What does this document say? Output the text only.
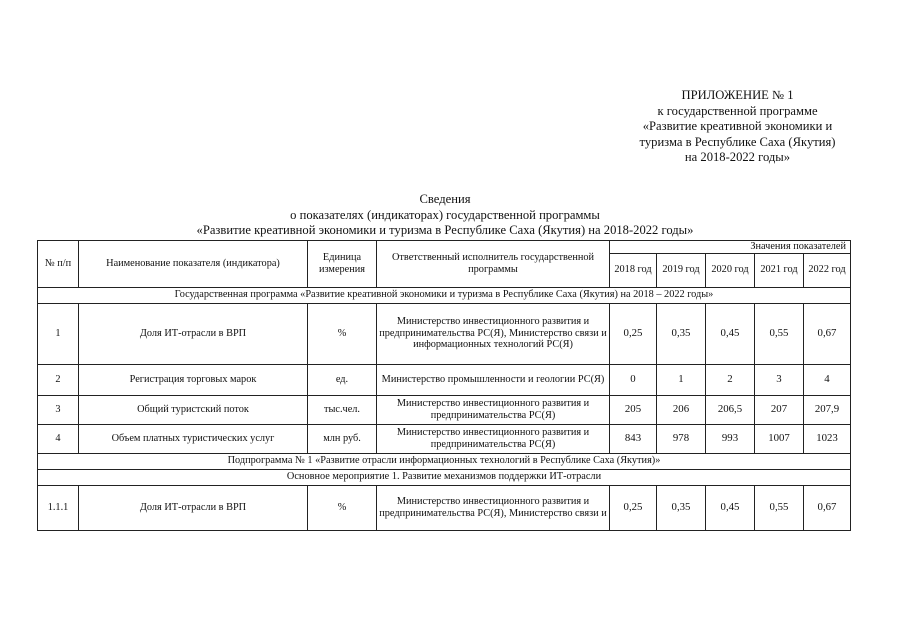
ПРИЛОЖЕНИЕ № 1
к государственной программе
«Развитие креативной экономики и
туризма в Республике Саха (Якутия)
на 2018-2022 годы»
Сведения
о показателях (индикаторах) государственной программы
«Развитие креативной экономики и туризма в Республике Саха (Якутия) на 2018-2022 годы»
№ п/п	Наименование показателя (индикатора)	Единица измерения	Ответственный исполнитель государственной программы	Значения показателей				
				2018 год	2019 год	2020 год	2021 год	2022 год
Государственная программа «Развитие креативной экономики и туризма в Республике Саха (Якутия) на 2018 – 2022 годы»								
1	Доля ИТ-отрасли в ВРП	%	Министерство инвестиционного развития и предпринимательства РС(Я), Министерство связи и информационных технологий РС(Я)	0,25	0,35	0,45	0,55	0,67
2	Регистрация торговых марок	ед.	Министерство промышленности и геологии РС(Я)	0	1	2	3	4
3	Общий туристский поток	тыс.чел.	Министерство инвестиционного развития и предпринимательства РС(Я)	205	206	206,5	207	207,9
4	Объем платных туристических услуг	млн руб.	Министерство инвестиционного развития и предпринимательства РС(Я)	843	978	993	1007	1023
Подпрограмма № 1 «Развитие отрасли информационных технологий в Республике Саха (Якутия)»								
Основное мероприятие 1. Развитие механизмов поддержки ИТ-отрасли								
1.1.1	Доля ИТ-отрасли в ВРП	%	Министерство инвестиционного развития и предпринимательства РС(Я), Министерство связи и	0,25	0,35	0,45	0,55	0,67
